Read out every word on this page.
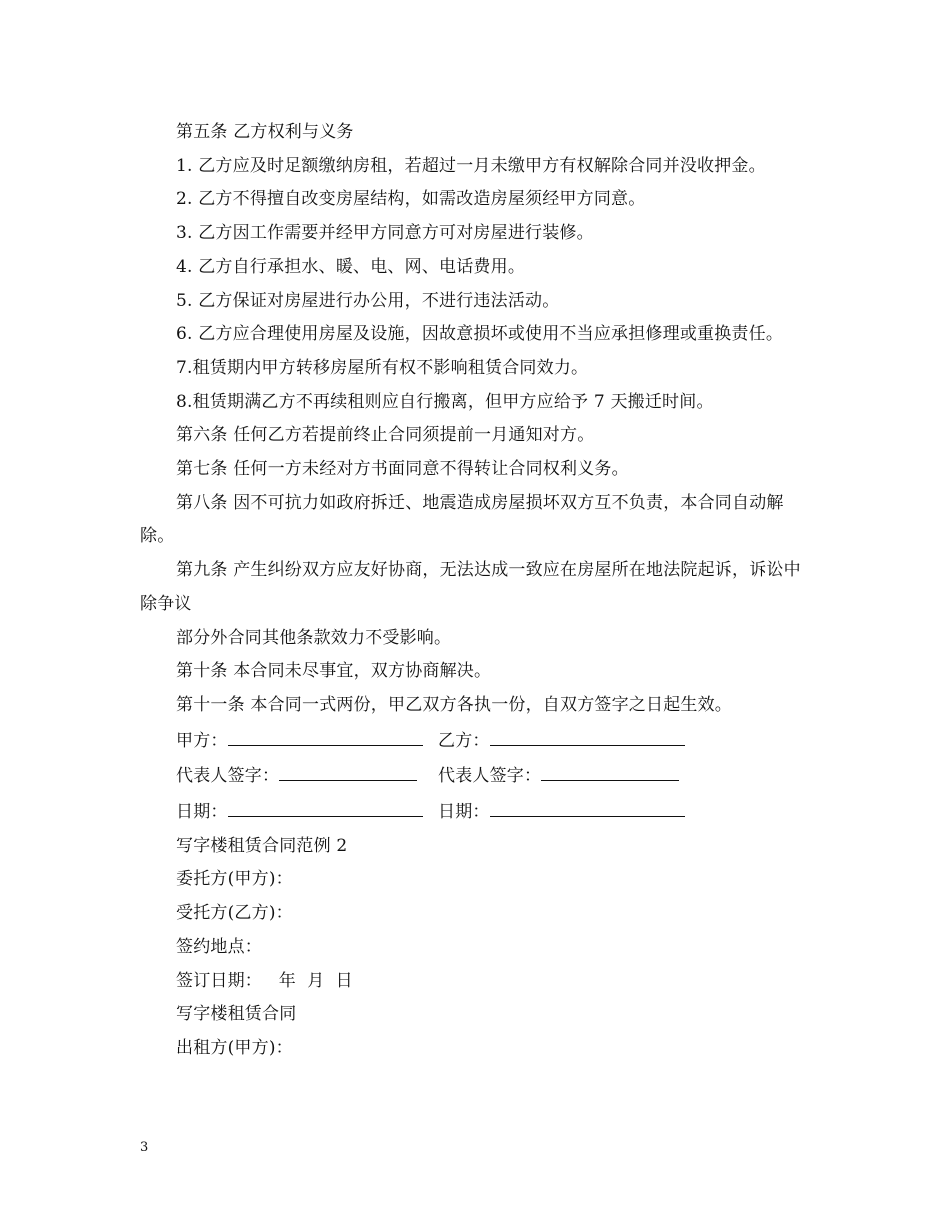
第五条 乙方权利与义务

1. 乙方应及时足额缴纳房租，若超过一月未缴甲方有权解除合同并没收押金。

2. 乙方不得擅自改变房屋结构，如需改造房屋须经甲方同意。

3. 乙方因工作需要并经甲方同意方可对房屋进行装修。

4. 乙方自行承担水、暖、电、网、电话费用。

5. 乙方保证对房屋进行办公用，不进行违法活动。

6. 乙方应合理使用房屋及设施，因故意损坏或使用不当应承担修理或重换责任。

7.租赁期内甲方转移房屋所有权不影响租赁合同效力。

8.租赁期满乙方不再续租则应自行搬离，但甲方应给予 7 天搬迁时间。

第六条 任何乙方若提前终止合同须提前一月通知对方。

第七条 任何一方未经对方书面同意不得转让合同权利义务。

第八条 因不可抗力如政府拆迁、地震造成房屋损坏双方互不负责，本合同自动解除。

第九条 产生纠纷双方应友好协商，无法达成一致应在房屋所在地法院起诉，诉讼中除争议

部分外合同其他条款效力不受影响。

第十条 本合同未尽事宜，双方协商解决。

第十一条 本合同一式两份，甲乙双方各执一份，自双方签字之日起生效。

甲方：	乙方：
代表人签字：	代表人签字：
日期：	日期：

写字楼租赁合同范例 2

委托方(甲方)：

受托方(乙方)：

签约地点：

签订日期：   年  月  日

写字楼租赁合同

出租方(甲方)：

3
